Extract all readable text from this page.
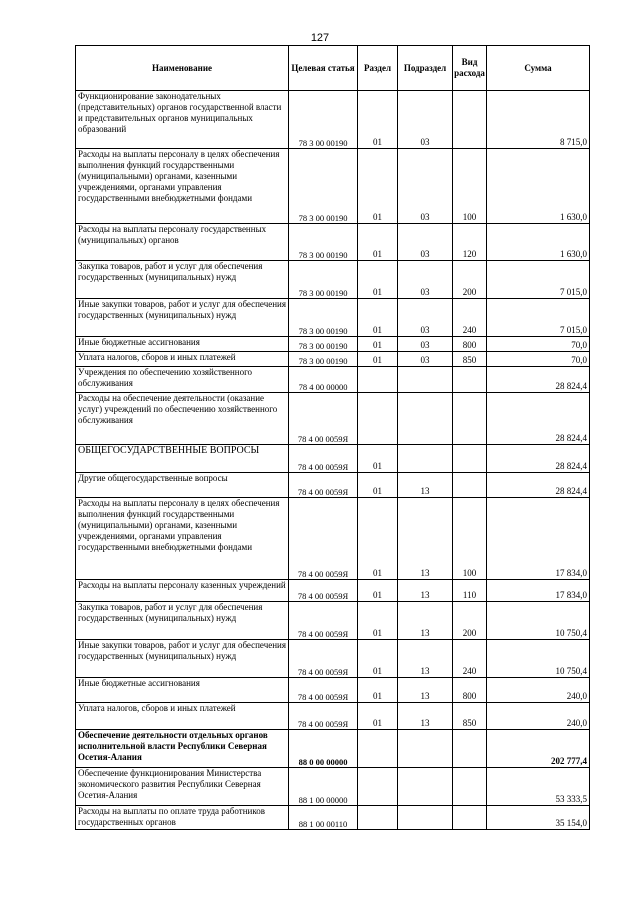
127
Наименование	Целевая статья	Раздел	Подраздел	Вид расхода	Сумма
Функционирование законодательных (представительных) органов государственной власти и представительных органов муниципальных образований	78 3 00 00190	01	03		8 715,0
Расходы на выплаты персоналу в целях обеспечения выполнения функций государственными (муниципальными) органами, казенными учреждениями, органами управления государственными внебюджетными фондами	78 3 00 00190	01	03	100	1 630,0
Расходы на выплаты персоналу государственных (муниципальных) органов	78 3 00 00190	01	03	120	1 630,0
Закупка товаров, работ и услуг для обеспечения государственных (муниципальных) нужд	78 3 00 00190	01	03	200	7 015,0
Иные закупки товаров, работ и услуг для обеспечения государственных (муниципальных) нужд	78 3 00 00190	01	03	240	7 015,0
Иные бюджетные ассигнования	78 3 00 00190	01	03	800	70,0
Уплата налогов, сборов и иных платежей	78 3 00 00190	01	03	850	70,0
Учреждения по обеспечению хозяйственного обслуживания	78 4 00 00000				28 824,4
Расходы на обеспечение деятельности (оказание услуг) учреждений по обеспечению хозяйственного обслуживания	78 4 00 0059Я				28 824,4
ОБЩЕГОСУДАРСТВЕННЫЕ ВОПРОСЫ	78 4 00 0059Я	01			28 824,4
Другие общегосударственные вопросы	78 4 00 0059Я	01	13		28 824,4
Расходы на выплаты персоналу в целях обеспечения выполнения функций государственными (муниципальными) органами, казенными учреждениями, органами управления государственными внебюджетными фондами	78 4 00 0059Я	01	13	100	17 834,0
Расходы на выплаты персоналу казенных учреждений	78 4 00 0059Я	01	13	110	17 834,0
Закупка товаров, работ и услуг для обеспечения государственных (муниципальных) нужд	78 4 00 0059Я	01	13	200	10 750,4
Иные закупки товаров, работ и услуг для обеспечения государственных (муниципальных) нужд	78 4 00 0059Я	01	13	240	10 750,4
Иные бюджетные ассигнования	78 4 00 0059Я	01	13	800	240,0
Уплата налогов, сборов и иных платежей	78 4 00 0059Я	01	13	850	240,0
Обеспечение деятельности отдельных органов исполнительной власти Республики Северная Осетия-Алания	88 0 00 00000				202 777,4
Обеспечение функционирования Министерства экономического развития Республики Северная Осетия-Алания	88 1 00 00000				53 333,5
Расходы на выплаты по оплате труда работников государственных органов	88 1 00 00110				35 154,0
